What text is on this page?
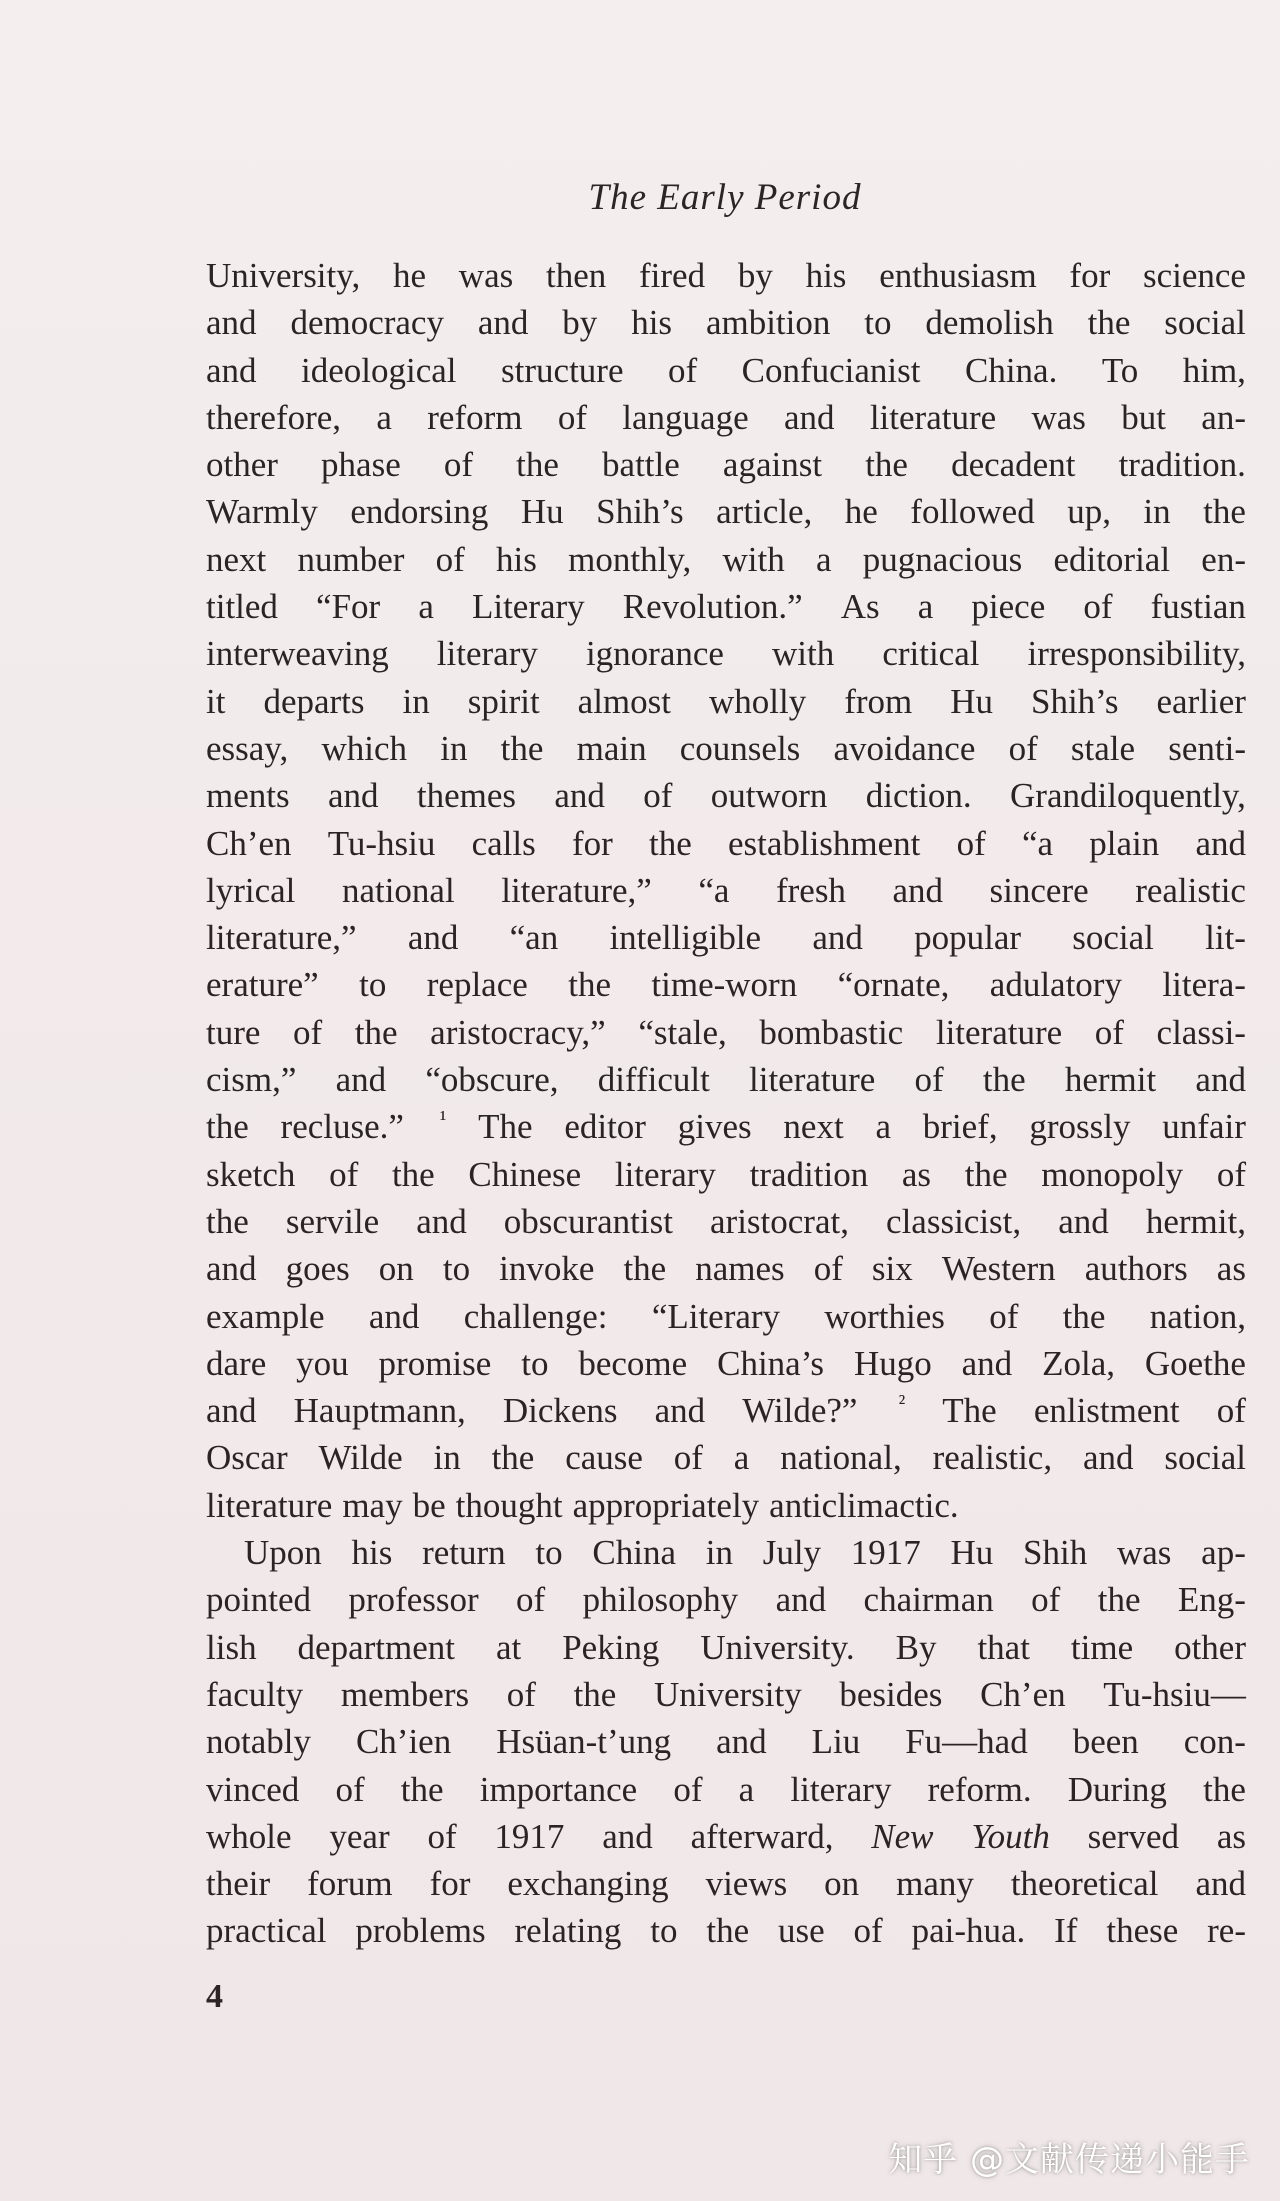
The Early Period
University, he was then fired by his enthusiasm for science
and democracy and by his ambition to demolish the social
and ideological structure of Confucianist China. To him,
therefore, a reform of language and literature was but an-
other phase of the battle against the decadent tradition.
Warmly endorsing Hu Shih’s article, he followed up, in the
next number of his monthly, with a pugnacious editorial en-
titled “For a Literary Revolution.” As a piece of fustian
interweaving literary ignorance with critical irresponsibility,
it departs in spirit almost wholly from Hu Shih’s earlier
essay, which in the main counsels avoidance of stale senti-
ments and themes and of outworn diction. Grandiloquently,
Ch’en Tu-hsiu calls for the establishment of “a plain and
lyrical national literature,” “a fresh and sincere realistic
literature,” and “an intelligible and popular social lit-
erature” to replace the time-worn “ornate, adulatory litera-
ture of the aristocracy,” “stale, bombastic literature of classi-
cism,” and “obscure, difficult literature of the hermit and
the recluse.” $^{^1}$ The editor gives next a brief, grossly unfair
sketch of the Chinese literary tradition as the monopoly of
the servile and obscurantist aristocrat, classicist, and hermit,
and goes on to invoke the names of six Western authors as
example and challenge: “Literary worthies of the nation,
dare you promise to become China’s Hugo and Zola, Goethe
and Hauptmann, Dickens and Wilde?” $^{^2}$ The enlistment of
Oscar Wilde in the cause of a national, realistic, and social
literature may be thought appropriately anticlimactic.
Upon his return to China in July 1917 Hu Shih was ap-
pointed professor of philosophy and chairman of the Eng-
lish department at Peking University. By that time other
faculty members of the University besides Ch’en Tu-hsiu—
notably Ch’ien Hsüan-t’ung and Liu Fu—had been con-
vinced of the importance of a literary reform. During the
whole year of 1917 and afterward, New Youth served as
their forum for exchanging views on many theoretical and
practical problems relating to the use of pai-hua. If these re-
4
知乎 @文献传递小能手
